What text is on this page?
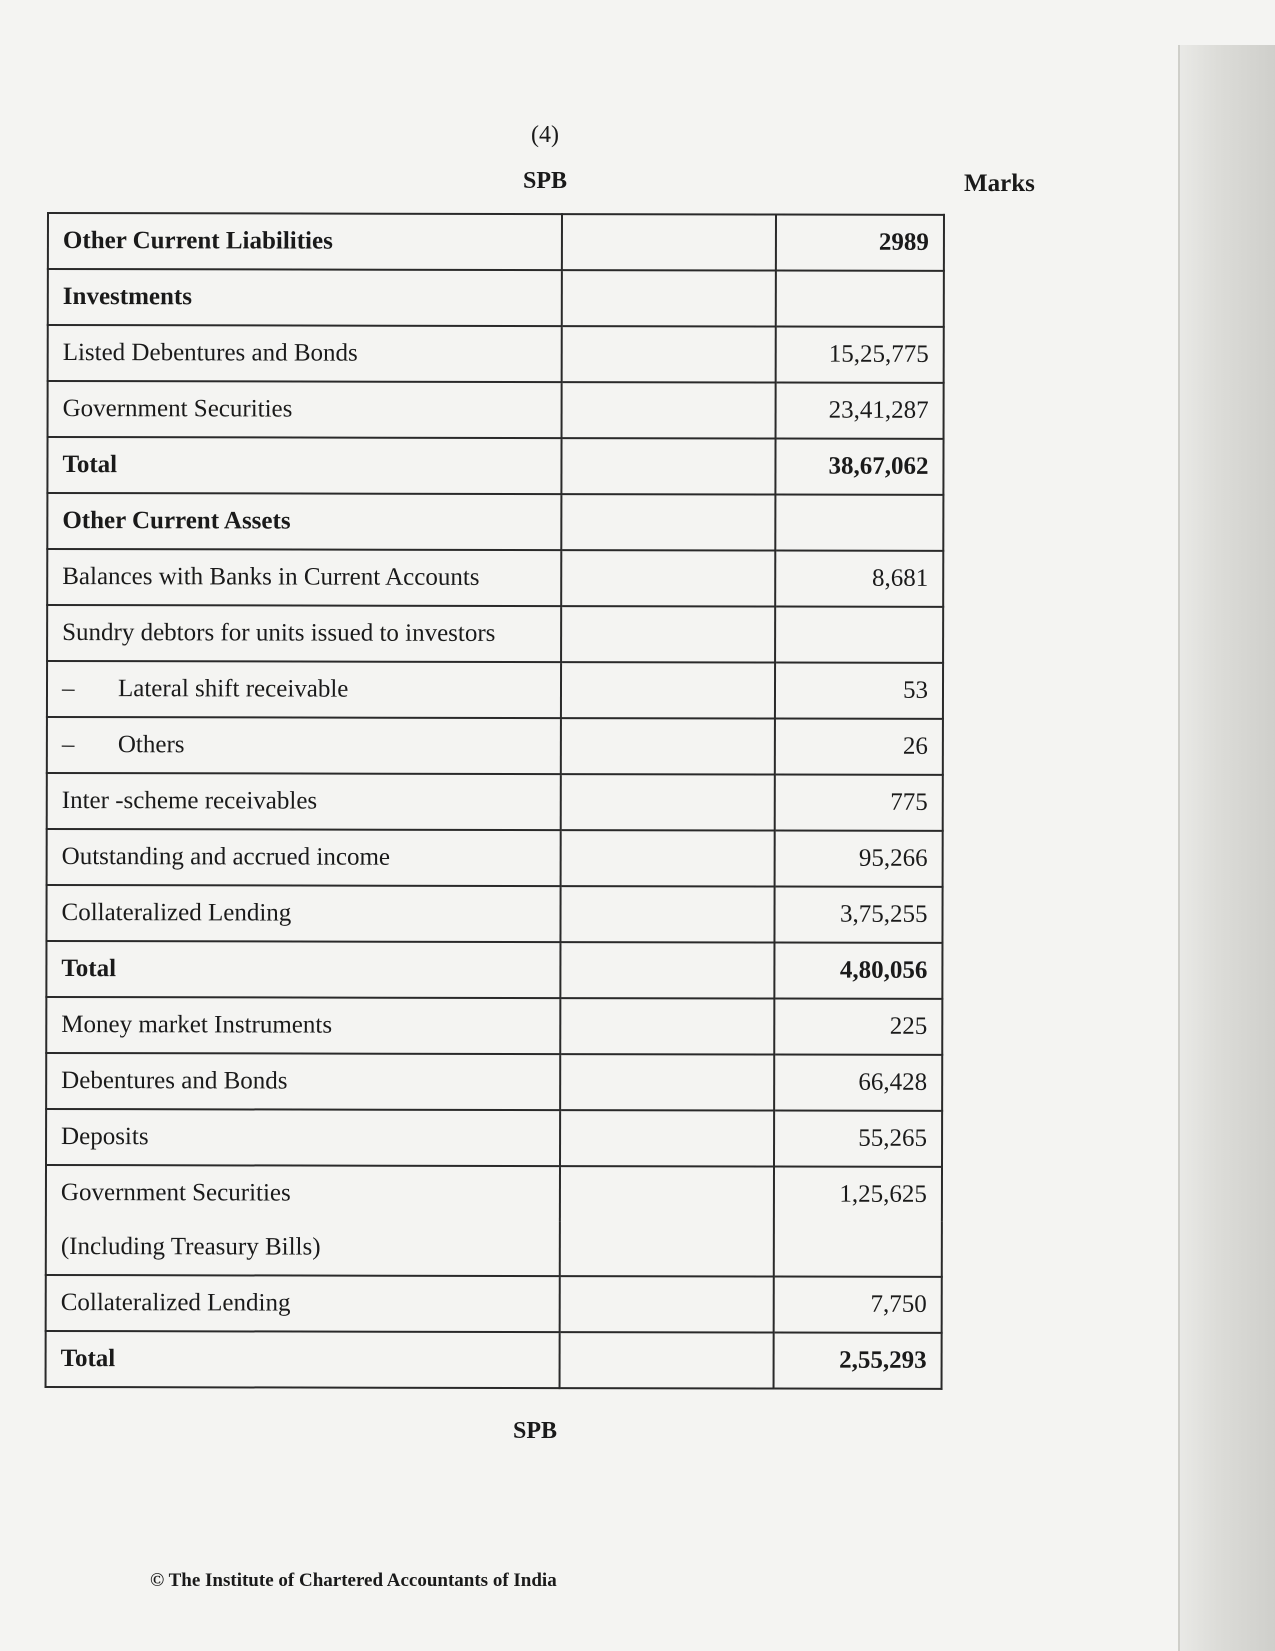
(4)
SPB	Marks
Other Current Liabilities		2989
Investments		
Listed Debentures and Bonds		15,25,775
Government Securities		23,41,287
Total		38,67,062
Other Current Assets		
Balances with Banks in Current Accounts		8,681
Sundry debtors for units issued to investors		
– Lateral shift receivable		53
– Others		26
Inter -scheme receivables		775
Outstanding and accrued income		95,266
Collateralized Lending		3,75,255
Total		4,80,056
Money market Instruments		225
Debentures and Bonds		66,428
Deposits		55,265
Government Securities		1,25,625
(Including Treasury Bills)		
Collateralized Lending		7,750
Total		2,55,293
SPB
© The Institute of Chartered Accountants of India
